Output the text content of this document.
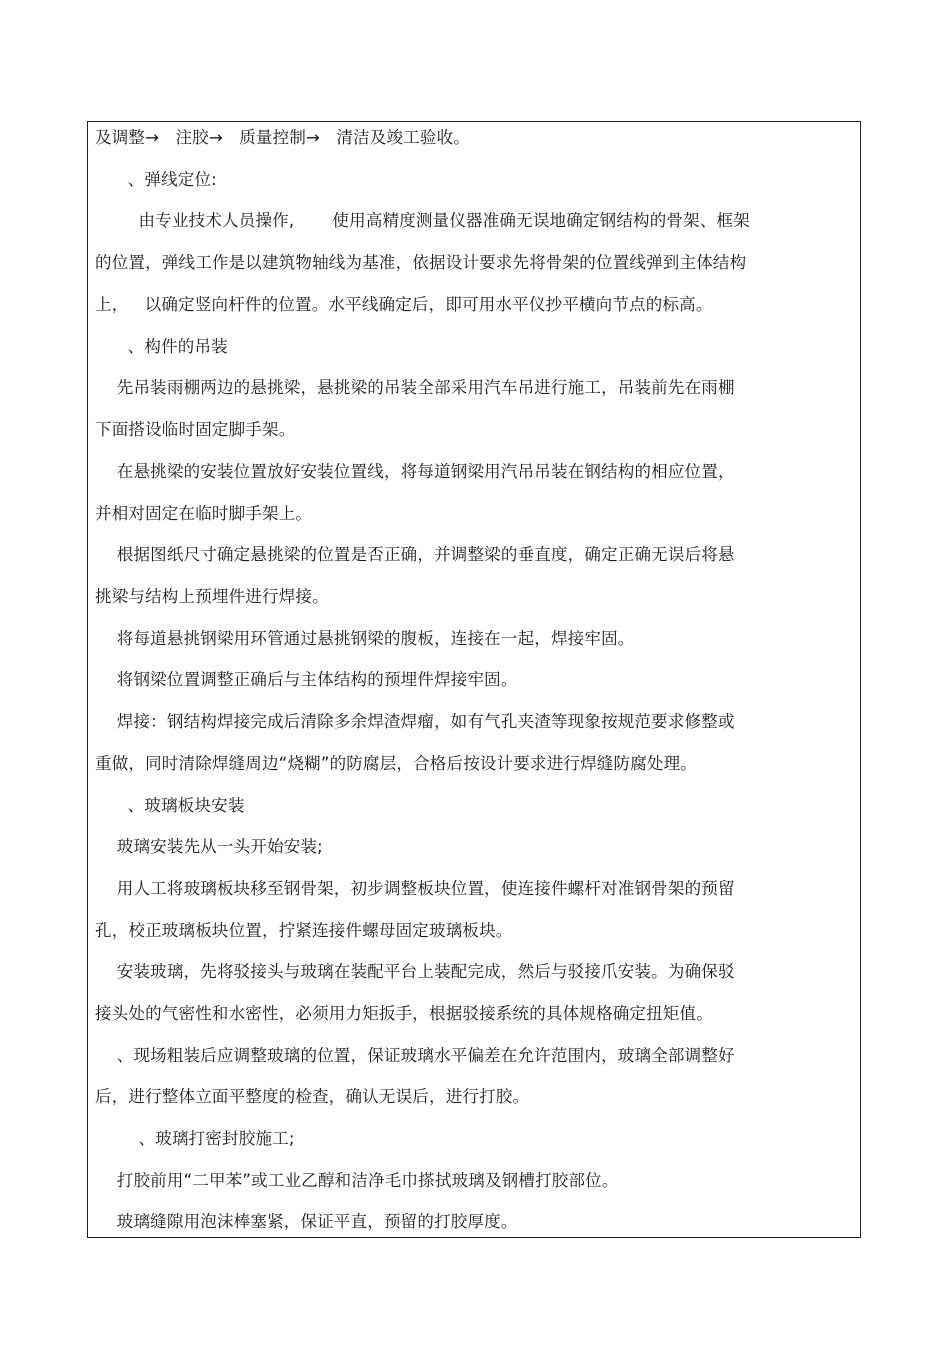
及调整→   注胶→   质量控制→   清洁及竣工验收。
、弹线定位:
由专业技术人员操作,       使用高精度测量仪器准确无误地确定钢结构的骨架、框架
的位置，弹线工作是以建筑物轴线为基准，依据设计要求先将骨架的位置线弹到主体结构
上，   以确定竖向杆件的位置。水平线确定后，即可用水平仪抄平横向节点的标高。
、构件的吊装
先吊装雨棚两边的悬挑梁，悬挑梁的吊装全部采用汽车吊进行施工，吊装前先在雨棚
下面搭设临时固定脚手架。
在悬挑梁的安装位置放好安装位置线，将每道钢梁用汽吊吊装在钢结构的相应位置，
并相对固定在临时脚手架上。
根据图纸尺寸确定悬挑梁的位置是否正确，并调整梁的垂直度，确定正确无误后将悬
挑梁与结构上预埋件进行焊接。
将每道悬挑钢梁用环管通过悬挑钢梁的腹板，连接在一起，焊接牢固。
将钢梁位置调整正确后与主体结构的预埋件焊接牢固。
焊接：钢结构焊接完成后清除多余焊渣焊瘤，如有气孔夹渣等现象按规范要求修整或
重做，同时清除焊缝周边“烧糊”的防腐层，合格后按设计要求进行焊缝防腐处理。
、玻璃板块安装
玻璃安装先从一头开始安装;
用人工将玻璃板块移至钢骨架，初步调整板块位置，使连接件螺杆对准钢骨架的预留
孔，校正玻璃板块位置，拧紧连接件螺母固定玻璃板块。
安装玻璃，先将驳接头与玻璃在装配平台上装配完成，然后与驳接爪安装。为确保驳
接头处的气密性和水密性，必须用力矩扳手，根据驳接系统的具体规格确定扭矩值。
、现场粗装后应调整玻璃的位置，保证玻璃水平偏差在允许范围内，玻璃全部调整好
后，进行整体立面平整度的检查，确认无误后，进行打胶。
、玻璃打密封胶施工;
打胶前用“二甲苯”或工业乙醇和洁净毛巾搽拭玻璃及钢槽打胶部位。
玻璃缝隙用泡沫棒塞紧，保证平直，预留的打胶厚度。
